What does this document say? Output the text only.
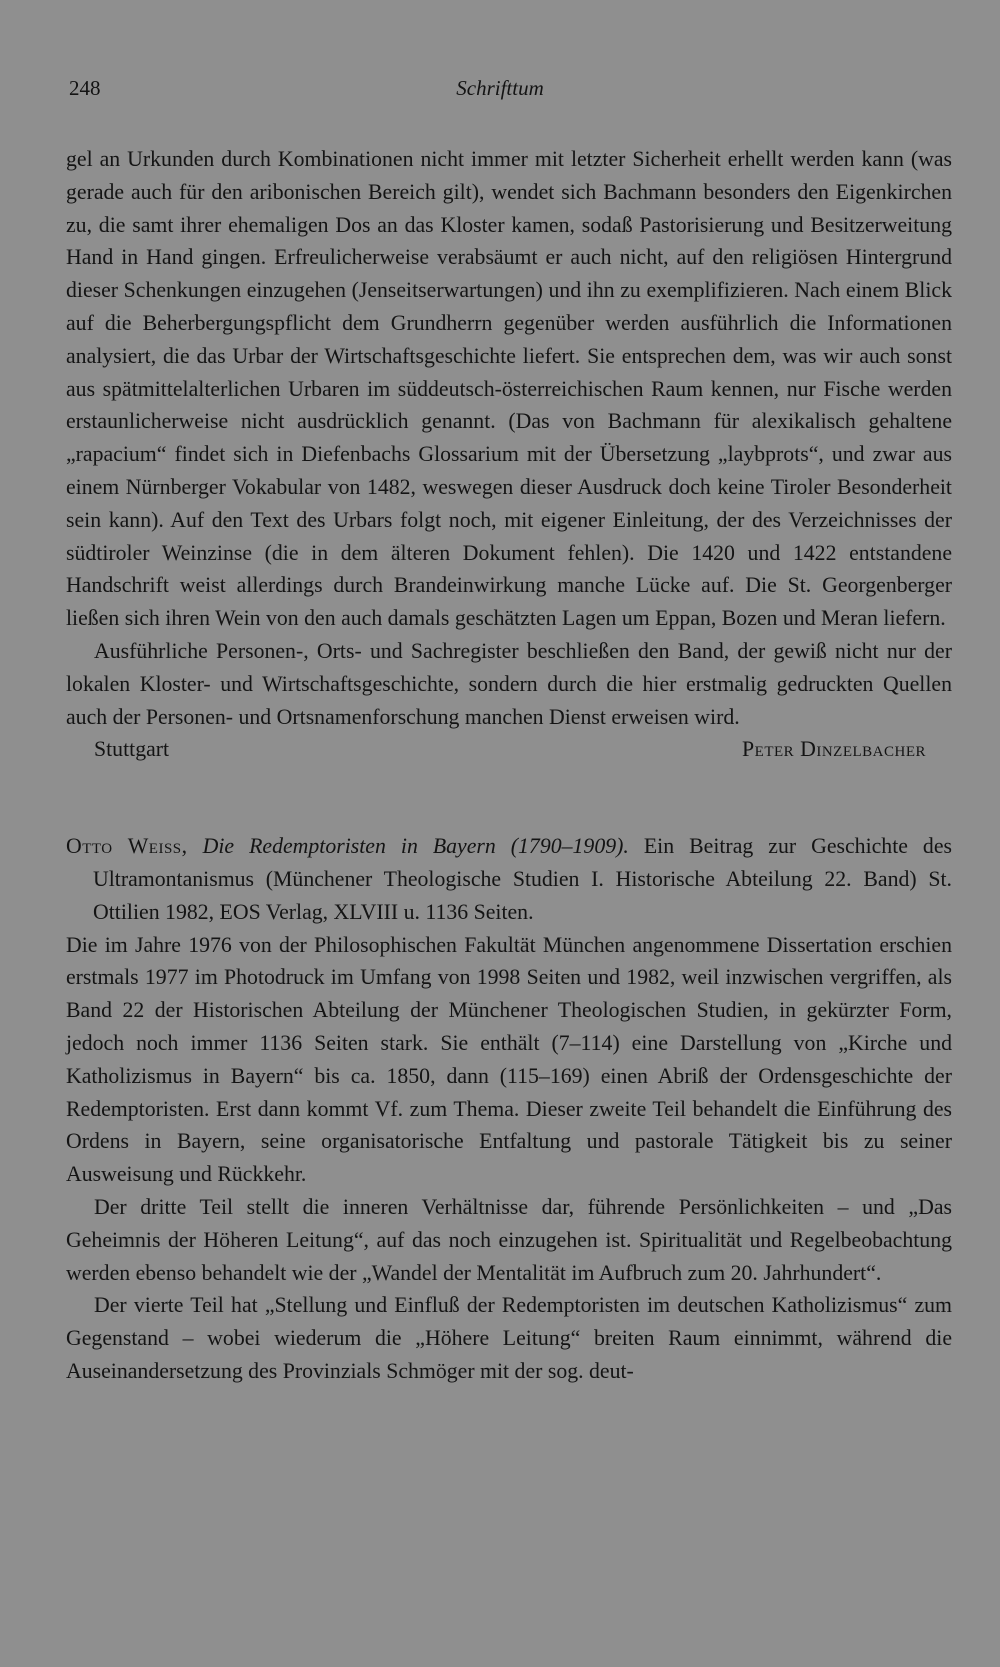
248	Schrifttum

gel an Urkunden durch Kombinationen nicht immer mit letzter Sicherheit erhellt werden kann (was gerade auch für den aribonischen Bereich gilt), wendet sich Bachmann besonders den Eigenkirchen zu, die samt ihrer ehemaligen Dos an das Kloster kamen, sodaß Pastorisierung und Besitzerweitung Hand in Hand gingen. Erfreulicherweise verabsäumt er auch nicht, auf den religiösen Hintergrund dieser Schenkungen einzugehen (Jenseitserwartungen) und ihn zu exemplifizieren. Nach einem Blick auf die Beherbergungspflicht dem Grundherrn gegenüber werden ausführlich die Informationen analysiert, die das Urbar der Wirtschaftsgeschichte liefert. Sie entsprechen dem, was wir auch sonst aus spätmittelalterlichen Urbaren im süddeutsch-österreichischen Raum kennen, nur Fische werden erstaunlicherweise nicht ausdrücklich genannt. (Das von Bachmann für alexikalisch gehaltene „rapacium“ findet sich in Diefenbachs Glossarium mit der Übersetzung „laybprots“, und zwar aus einem Nürnberger Vokabular von 1482, weswegen dieser Ausdruck doch keine Tiroler Besonderheit sein kann). Auf den Text des Urbars folgt noch, mit eigener Einleitung, der des Verzeichnisses der südtiroler Weinzinse (die in dem älteren Dokument fehlen). Die 1420 und 1422 entstandene Handschrift weist allerdings durch Brandeinwirkung manche Lücke auf. Die St. Georgenberger ließen sich ihren Wein von den auch damals geschätzten Lagen um Eppan, Bozen und Meran liefern.

Ausführliche Personen-, Orts- und Sachregister beschließen den Band, der gewiß nicht nur der lokalen Kloster- und Wirtschaftsgeschichte, sondern durch die hier erstmalig gedruckten Quellen auch der Personen- und Ortsnamenforschung manchen Dienst erweisen wird.

Stuttgart	Peter Dinzelbacher

Otto Weiss, Die Redemptoristen in Bayern (1790–1909). Ein Beitrag zur Geschichte des Ultramontanismus (Münchener Theologische Studien I. Historische Abteilung 22. Band) St. Ottilien 1982, EOS Verlag, XLVIII u. 1136 Seiten.

Die im Jahre 1976 von der Philosophischen Fakultät München angenommene Dissertation erschien erstmals 1977 im Photodruck im Umfang von 1998 Seiten und 1982, weil inzwischen vergriffen, als Band 22 der Historischen Abteilung der Münchener Theologischen Studien, in gekürzter Form, jedoch noch immer 1136 Seiten stark. Sie enthält (7–114) eine Darstellung von „Kirche und Katholizismus in Bayern“ bis ca. 1850, dann (115–169) einen Abriß der Ordensgeschichte der Redemptoristen. Erst dann kommt Vf. zum Thema. Dieser zweite Teil behandelt die Einführung des Ordens in Bayern, seine organisatorische Entfaltung und pastorale Tätigkeit bis zu seiner Ausweisung und Rückkehr.

Der dritte Teil stellt die inneren Verhältnisse dar, führende Persönlichkeiten – und „Das Geheimnis der Höheren Leitung“, auf das noch einzugehen ist. Spiritualität und Regelbeobachtung werden ebenso behandelt wie der „Wandel der Mentalität im Aufbruch zum 20. Jahrhundert“.

Der vierte Teil hat „Stellung und Einfluß der Redemptoristen im deutschen Katholizismus“ zum Gegenstand – wobei wiederum die „Höhere Leitung“ breiten Raum einnimmt, während die Auseinandersetzung des Provinzials Schmöger mit der sog. deut-
